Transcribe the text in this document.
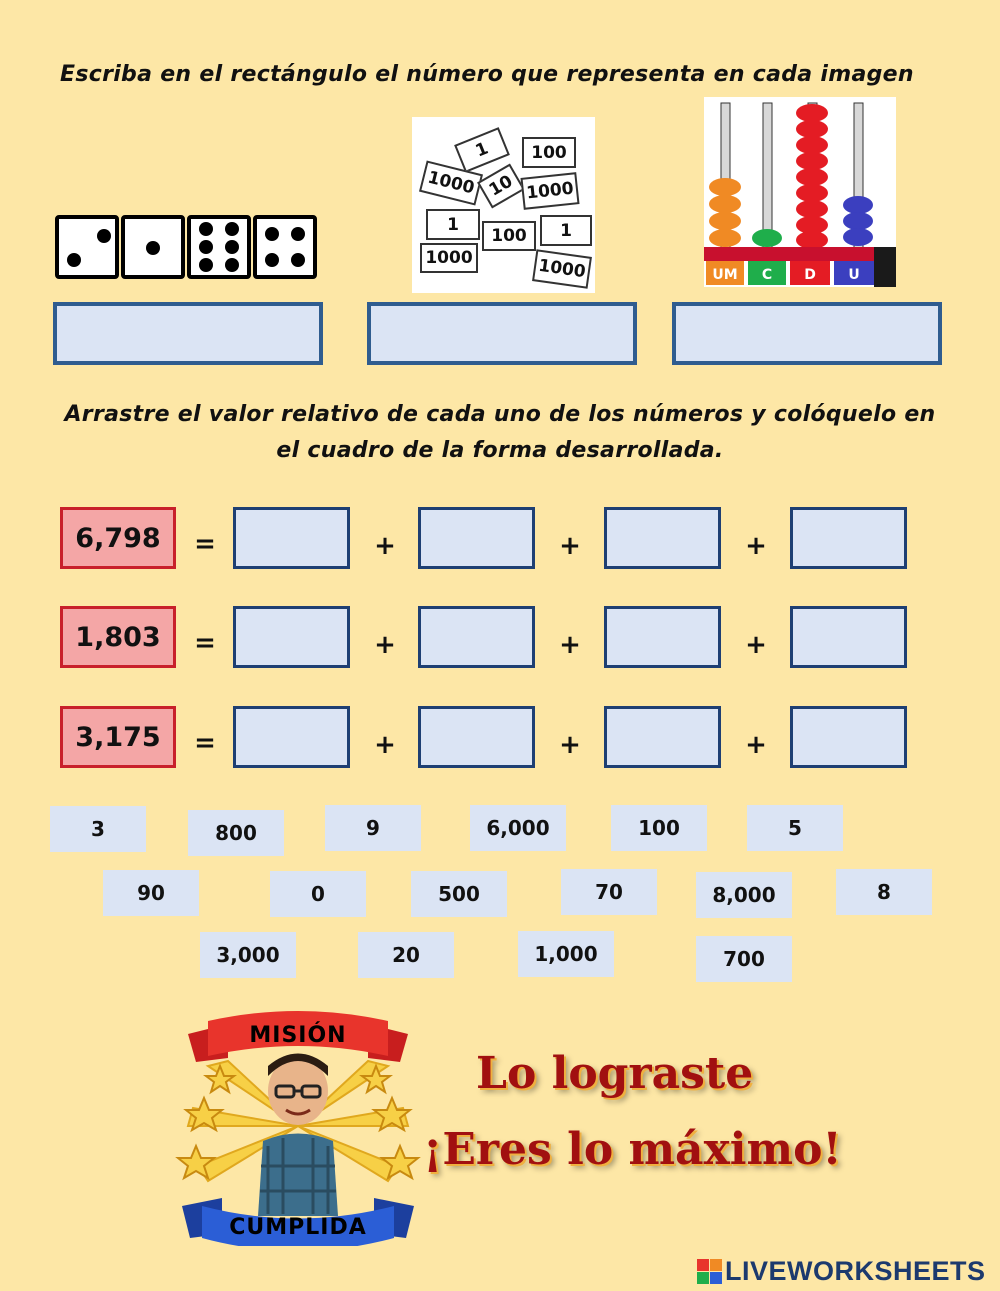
Escriba en el rectángulo el número que representa en cada imagen
1	100
1000 10 1000
1
100	1
1000	1000	UM C D U
Arrastre el valor relativo de cada uno de los números y colóquelo en
el cuadro de la forma desarrollada.
6,798	=	+	+	+
1,803	=	+	+	+
3,175	=	+	+	+
3	800	9	6,000	100	5
90	0	500	70	8,000	8
3,000	20	1,000	700
MISIÓN
CUMPLIDA
Lo lograste
¡Eres lo máximo!
LIVEWORKSHEETS
